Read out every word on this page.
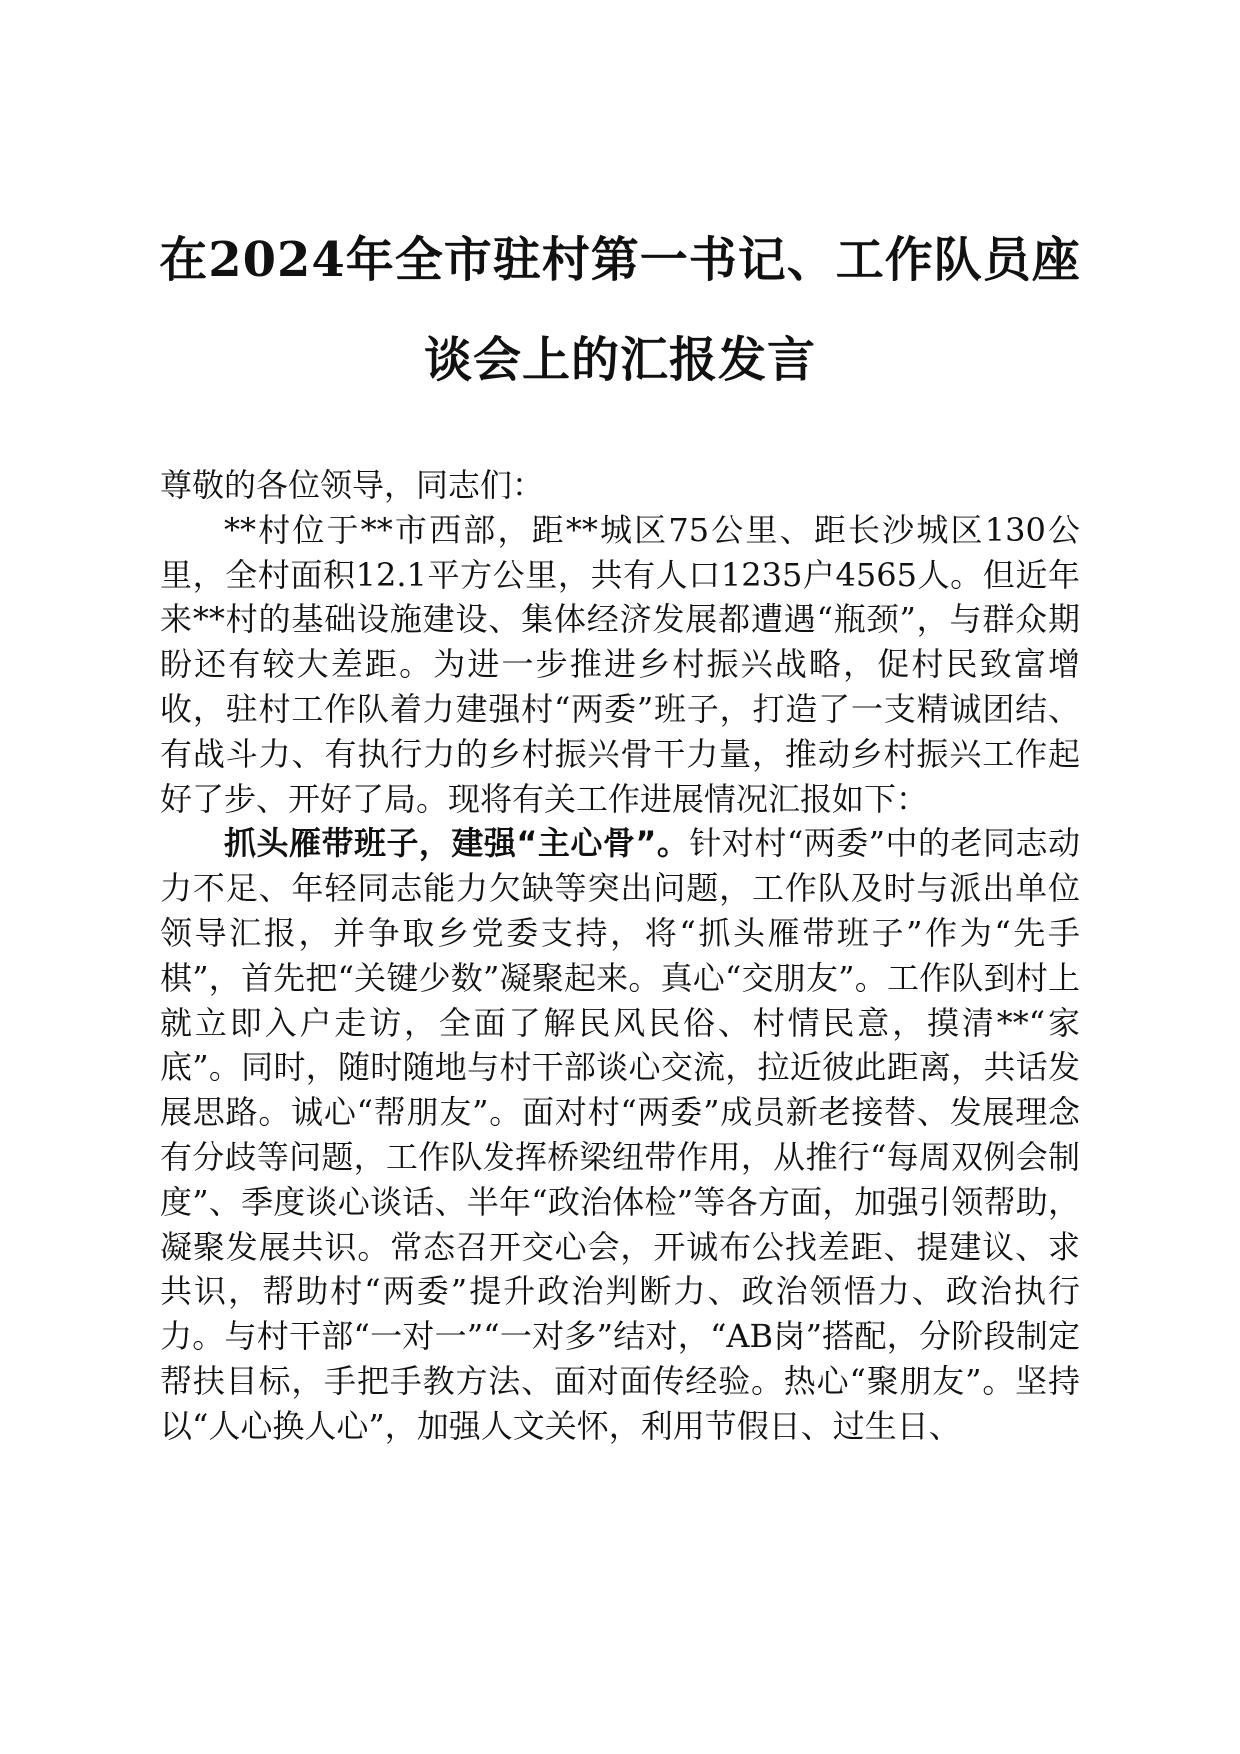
在2024年全市驻村第一书记、工作队员座谈会上的汇报发言

尊敬的各位领导，同志们：

**村位于**市西部，距**城区75公里、距长沙城区130公里，全村面积12.1平方公里，共有人口1235户4565人。但近年来**村的基础设施建设、集体经济发展都遭遇“瓶颈”，与群众期盼还有较大差距。为进一步推进乡村振兴战略，促村民致富增收，驻村工作队着力建强村“两委”班子，打造了一支精诚团结、有战斗力、有执行力的乡村振兴骨干力量，推动乡村振兴工作起好了步、开好了局。现将有关工作进展情况汇报如下：

抓头雁带班子，建强“主心骨”。针对村“两委”中的老同志动力不足、年轻同志能力欠缺等突出问题，工作队及时与派出单位领导汇报，并争取乡党委支持，将“抓头雁带班子”作为“先手棋”，首先把“关键少数”凝聚起来。真心“交朋友”。工作队到村上就立即入户走访，全面了解民风民俗、村情民意，摸清**“家底”。同时，随时随地与村干部谈心交流，拉近彼此距离，共话发展思路。诚心“帮朋友”。面对村“两委”成员新老接替、发展理念有分歧等问题，工作队发挥桥梁纽带作用，从推行“每周双例会制度”、季度谈心谈话、半年“政治体检”等各方面，加强引领帮助，凝聚发展共识。常态召开交心会，开诚布公找差距、提建议、求共识，帮助村“两委”提升政治判断力、政治领悟力、政治执行力。与村干部“一对一”“一对多”结对，“AB岗”搭配，分阶段制定帮扶目标，手把手教方法、面对面传经验。热心“聚朋友”。坚持以“人心换人心”，加强人文关怀，利用节假日、过生日、
